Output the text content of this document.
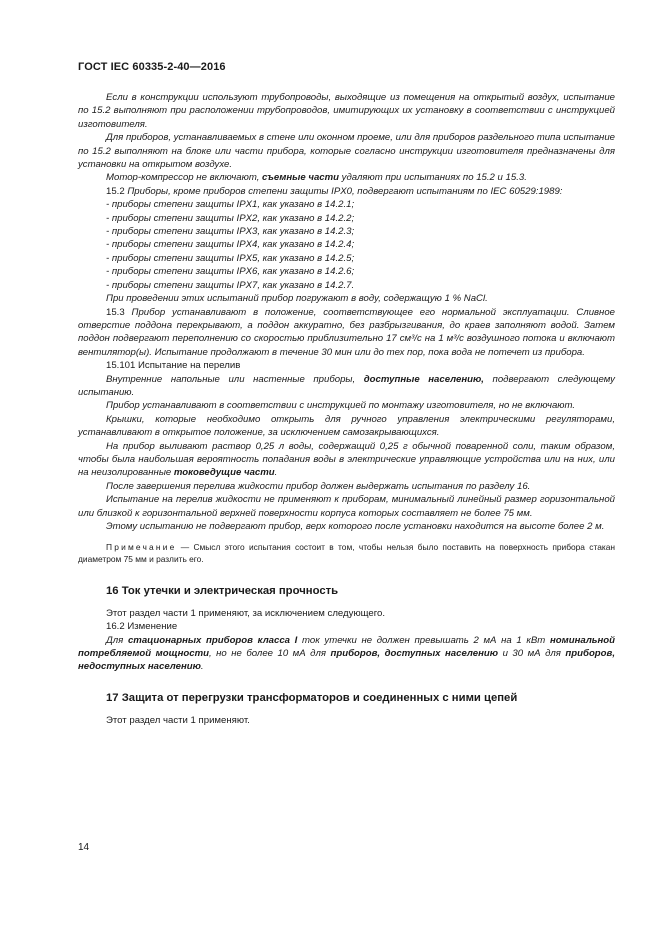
ГОСТ IEC 60335-2-40—2016

Если в конструкции используют трубопроводы, выходящие из помещения на открытый воздух, испытание по 15.2 выполняют при расположении трубопроводов, имитирующих их установку в соответствии с инструкцией изготовителя.

Для приборов, устанавливаемых в стене или оконном проеме, или для приборов раздельного типа испытание по 15.2 выполняют на блоке или части прибора, которые согласно инструкции изготовителя предназначены для установки на открытом воздухе.

Мотор-компрессор не включают, съемные части удаляют при испытаниях по 15.2 и 15.3.

15.2 Приборы, кроме приборов степени защиты IPX0, подвергают испытаниям по IEC 60529:1989:

- приборы степени защиты IPX1, как указано в 14.2.1;
- приборы степени защиты IPX2, как указано в 14.2.2;
- приборы степени защиты IPX3, как указано в 14.2.3;
- приборы степени защиты IPX4, как указано в 14.2.4;
- приборы степени защиты IPX5, как указано в 14.2.5;
- приборы степени защиты IPX6, как указано в 14.2.6;
- приборы степени защиты IPX7, как указано в 14.2.7.

При проведении этих испытаний прибор погружают в воду, содержащую 1 % NaCl.

15.3 Прибор устанавливают в положение, соответствующее его нормальной эксплуатации. Сливное отверстие поддона перекрывают, а поддон аккуратно, без разбрызгивания, до краев заполняют водой. Затем поддон подвергают переполнению со скоростью приблизительно 17 см³/с на 1 м³/с воздушного потока и включают вентилятор(ы). Испытание продолжают в течение 30 мин или до тех пор, пока вода не потечет из прибора.

15.101 Испытание на перелив

Внутренние напольные или настенные приборы, доступные населению, подвергают следующему испытанию.

Прибор устанавливают в соответствии с инструкцией по монтажу изготовителя, но не включают.

Крышки, которые необходимо открыть для ручного управления электрическими регуляторами, устанавливают в открытое положение, за исключением самозакрывающихся.

На прибор выливают раствор 0,25 л воды, содержащий 0,25 г обычной поваренной соли, таким образом, чтобы была наибольшая вероятность попадания воды в электрические управляющие устройства или на них, или на неизолированные токоведущие части.

После завершения перелива жидкости прибор должен выдержать испытания по разделу 16.

Испытание на перелив жидкости не применяют к приборам, минимальный линейный размер горизонтальной или близкой к горизонтальной верхней поверхности корпуса которых составляет не более 75 мм.

Этому испытанию не подвергают прибор, верх которого после установки находится на высоте более 2 м.

Примечание — Смысл этого испытания состоит в том, чтобы нельзя было поставить на поверхность прибора стакан диаметром 75 мм и разлить его.

16 Ток утечки и электрическая прочность

Этот раздел части 1 применяют, за исключением следующего.

16.2 Изменение

Для стационарных приборов класса I ток утечки не должен превышать 2 мА на 1 кВт номинальной потребляемой мощности, но не более 10 мА для приборов, доступных населению и 30 мА для приборов, недоступных населению.

17 Защита от перегрузки трансформаторов и соединенных с ними цепей

Этот раздел части 1 применяют.

14
